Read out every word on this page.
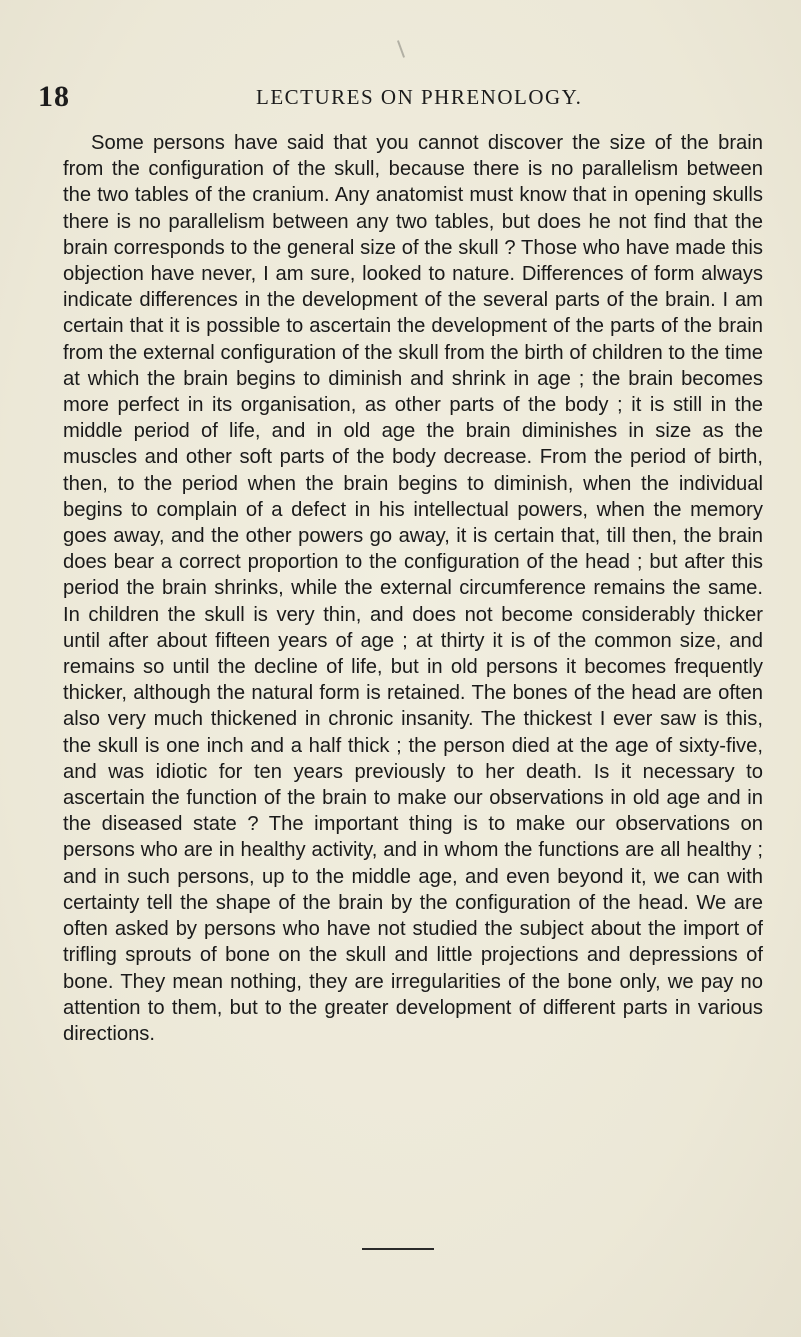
18	LECTURES ON PHRENOLOGY.

Some persons have said that you cannot discover the size of the brain from the configuration of the skull, because there is no parallelism between the two tables of the cranium. Any anatomist must know that in opening skulls there is no parallelism between any two tables, but does he not find that the brain corresponds to the general size of the skull ? Those who have made this objection have never, I am sure, looked to nature. Differences of form always indicate differences in the development of the several parts of the brain. I am certain that it is possible to ascertain the development of the parts of the brain from the external configuration of the skull from the birth of children to the time at which the brain begins to diminish and shrink in age ; the brain becomes more perfect in its organisation, as other parts of the body ; it is still in the middle period of life, and in old age the brain diminishes in size as the muscles and other soft parts of the body decrease. From the period of birth, then, to the period when the brain begins to diminish, when the individual begins to complain of a defect in his intellectual powers, when the memory goes away, and the other powers go away, it is certain that, till then, the brain does bear a correct proportion to the configuration of the head ; but after this period the brain shrinks, while the external circumference remains the same. In children the skull is very thin, and does not become considerably thicker until after about fifteen years of age ; at thirty it is of the common size, and remains so until the decline of life, but in old persons it becomes frequently thicker, although the natural form is retained. The bones of the head are often also very much thickened in chronic insanity. The thickest I ever saw is this, the skull is one inch and a half thick ; the person died at the age of sixty-five, and was idiotic for ten years previously to her death. Is it necessary to ascertain the function of the brain to make our observations in old age and in the diseased state ? The important thing is to make our observations on persons who are in healthy activity, and in whom the functions are all healthy ; and in such persons, up to the middle age, and even beyond it, we can with certainty tell the shape of the brain by the configuration of the head. We are often asked by persons who have not studied the subject about the import of trifling sprouts of bone on the skull and little projections and depressions of bone. They mean nothing, they are irregularities of the bone only, we pay no attention to them, but to the greater development of different parts in various directions.
